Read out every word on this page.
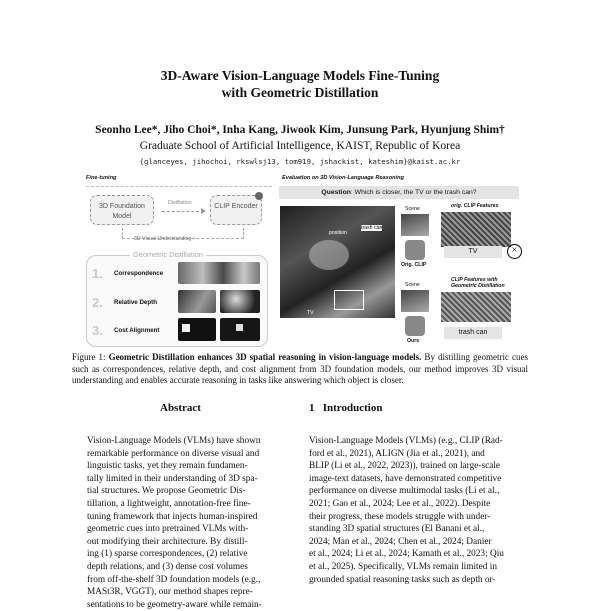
3D-Aware Vision-Language Models Fine-Tuning
with Geometric Distillation
Seonho Lee*, Jiho Choi*, Inha Kang, Jiwook Kim, Junsung Park, Hyunjung Shim†
Graduate School of Artificial Intelligence, KAIST, Republic of Korea
{glanceyes, jihochoi, rkswlsj13, tom919, jshackist, kateshim}@kaist.ac.kr
Fine-tuning
3D Foundation Model
Distillation	CLIP Encoder
3D Visual Understanding ↑
Geometric Distillation
1. Correspondence
2. Relative Depth
3. Cost Alignment
Evaluation on 3D Vision-Language Reasoning
Question: Which is closer, the TV or the trash can?
position
trash can
TV
Scene
Orig. CLIP
orig. CLIP Features
TV	×
Scene
Ours
CLIP Features with Geometric Distillation
trash can
Figure 1: Geometric Distillation enhances 3D spatial reasoning in vision-language models. By distilling geometric cues such as correspondences, relative depth, and cost alignment from 3D foundation models, our method improves 3D visual understanding and enables accurate reasoning in tasks like answering which object is closer.
Abstract
Vision-Language Models (VLMs) have shown
remarkable performance on diverse visual and
linguistic tasks, yet they remain fundamen-
tally limited in their understanding of 3D spa-
tial structures. We propose Geometric Dis-
tillation, a lightweight, annotation-free fine-
tuning framework that injects human-inspired
geometric cues into pretrained VLMs with-
out modifying their architecture. By distill-
ing (1) sparse correspondences, (2) relative
depth relations, and (3) dense cost volumes
from off-the-shelf 3D foundation models (e.g.,
MASt3R, VGGT), our method shapes repre-
sentations to be geometry-aware while remain-
1 Introduction
Vision-Language Models (VLMs) (e.g., CLIP (Rad-
ford et al., 2021), ALIGN (Jia et al., 2021), and
BLIP (Li et al., 2022, 2023)), trained on large-scale
image-text datasets, have demonstrated competitive
performance on diverse multimodal tasks (Li et al.,
2021; Gao et al., 2024; Lee et al., 2022). Despite
their progress, these models struggle with under-
standing 3D spatial structures (El Banani et al.,
2024; Man et al., 2024; Chen et al., 2024; Danier
et al., 2024; Li et al., 2024; Kamath et al., 2023; Qiu
et al., 2025). Specifically, VLMs remain limited in
grounded spatial reasoning tasks such as depth or-
